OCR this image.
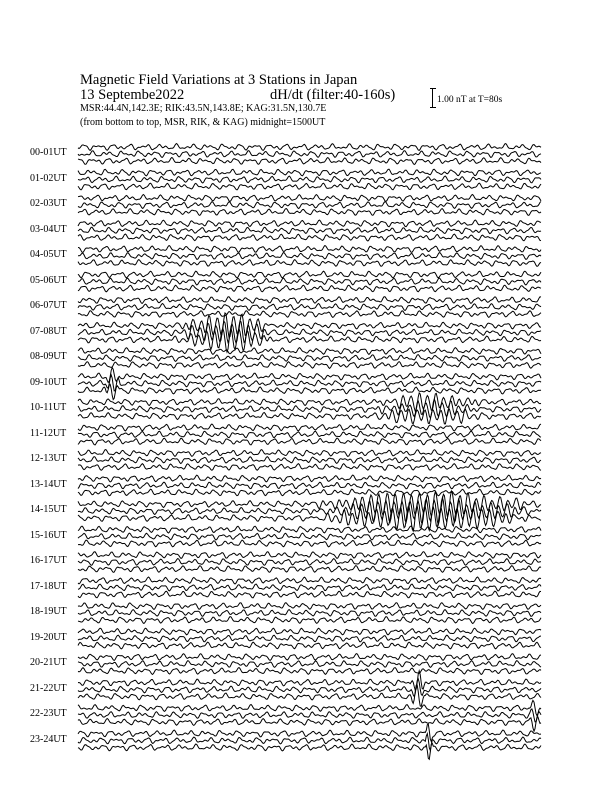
Magnetic Field Variations at 3 Stations in Japan
13 Septembe2022	dH/dt (filter:40-160s)
MSR:44.4N,142.3E; RIK:43.5N,143.8E; KAG:31.5N,130.7E
(from bottom to top, MSR, RIK, & KAG) midnight=1500UT
1.00 nT at T=80s
00-01UT
01-02UT
02-03UT
03-04UT
04-05UT
05-06UT
06-07UT
07-08UT
08-09UT
09-10UT
10-11UT
11-12UT
12-13UT
13-14UT
14-15UT
15-16UT
16-17UT
17-18UT
18-19UT
19-20UT
20-21UT
21-22UT
22-23UT
23-24UT
